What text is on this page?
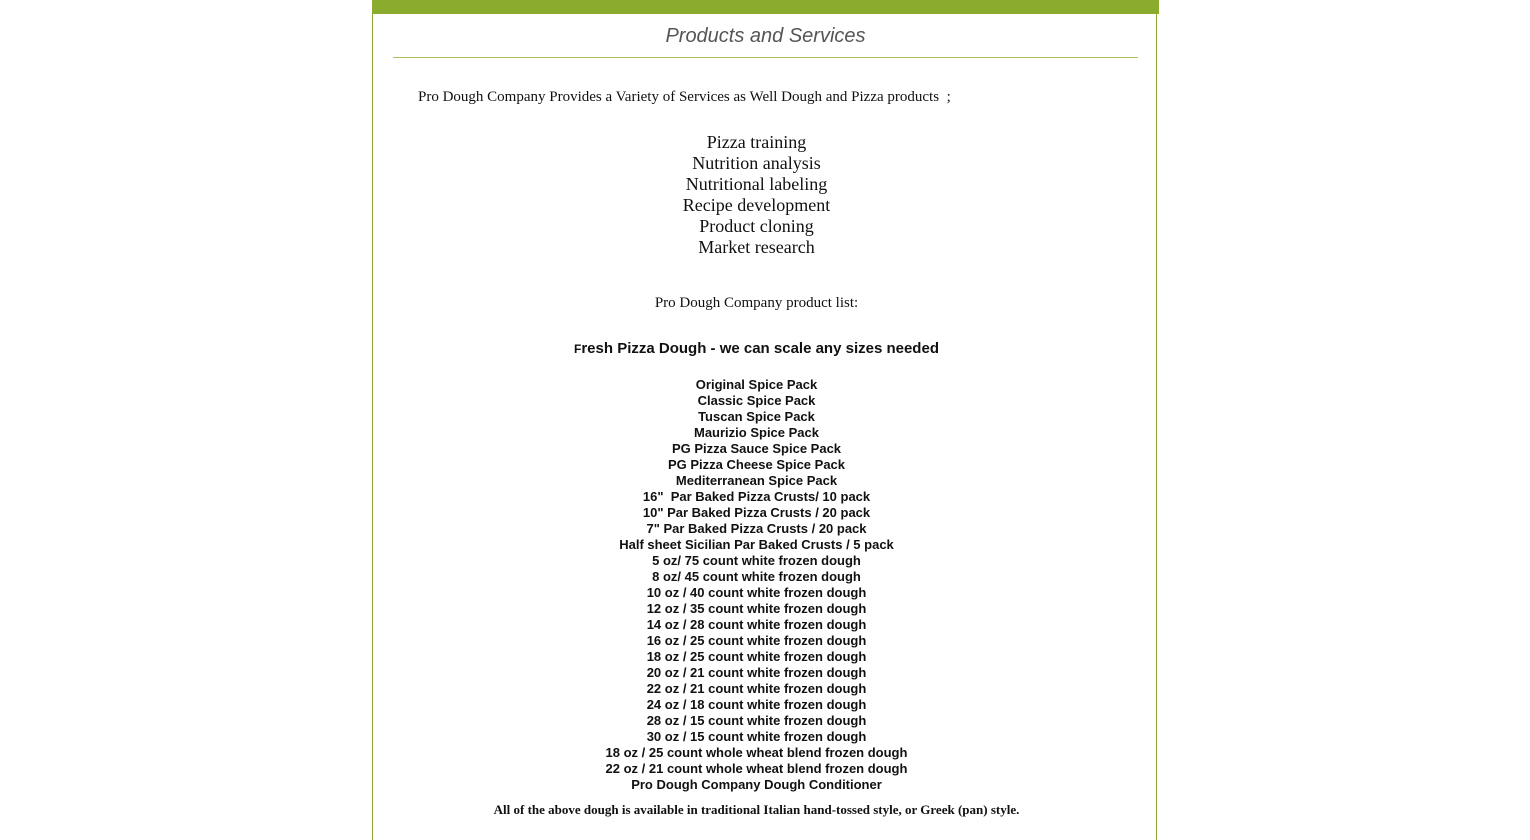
Products and Services
Pro Dough Company Provides a Variety of Services as Well Dough and Pizza products  ;
Pizza training
Nutrition analysis
Nutritional labeling
Recipe development
Product cloning
Market research
Pro Dough Company product list:
Fresh Pizza Dough - we can scale any sizes needed
Original Spice Pack
Classic Spice Pack
Tuscan Spice Pack
Maurizio Spice Pack
PG Pizza Sauce Spice Pack
PG Pizza Cheese Spice Pack
Mediterranean Spice Pack
16"  Par Baked Pizza Crusts/ 10 pack
10" Par Baked Pizza Crusts / 20 pack
7" Par Baked Pizza Crusts / 20 pack
Half sheet Sicilian Par Baked Crusts / 5 pack
5 oz/ 75 count white frozen dough
8 oz/ 45 count white frozen dough
10 oz / 40 count white frozen dough
12 oz / 35 count white frozen dough
14 oz / 28 count white frozen dough
16 oz / 25 count white frozen dough
18 oz / 25 count white frozen dough
20 oz / 21 count white frozen dough
22 oz / 21 count white frozen dough
24 oz / 18 count white frozen dough
28 oz / 15 count white frozen dough
30 oz / 15 count white frozen dough
18 oz / 25 count whole wheat blend frozen dough
22 oz / 21 count whole wheat blend frozen dough
Pro Dough Company Dough Conditioner
All of the above dough is available in traditional Italian hand-tossed style, or Greek (pan) style.
